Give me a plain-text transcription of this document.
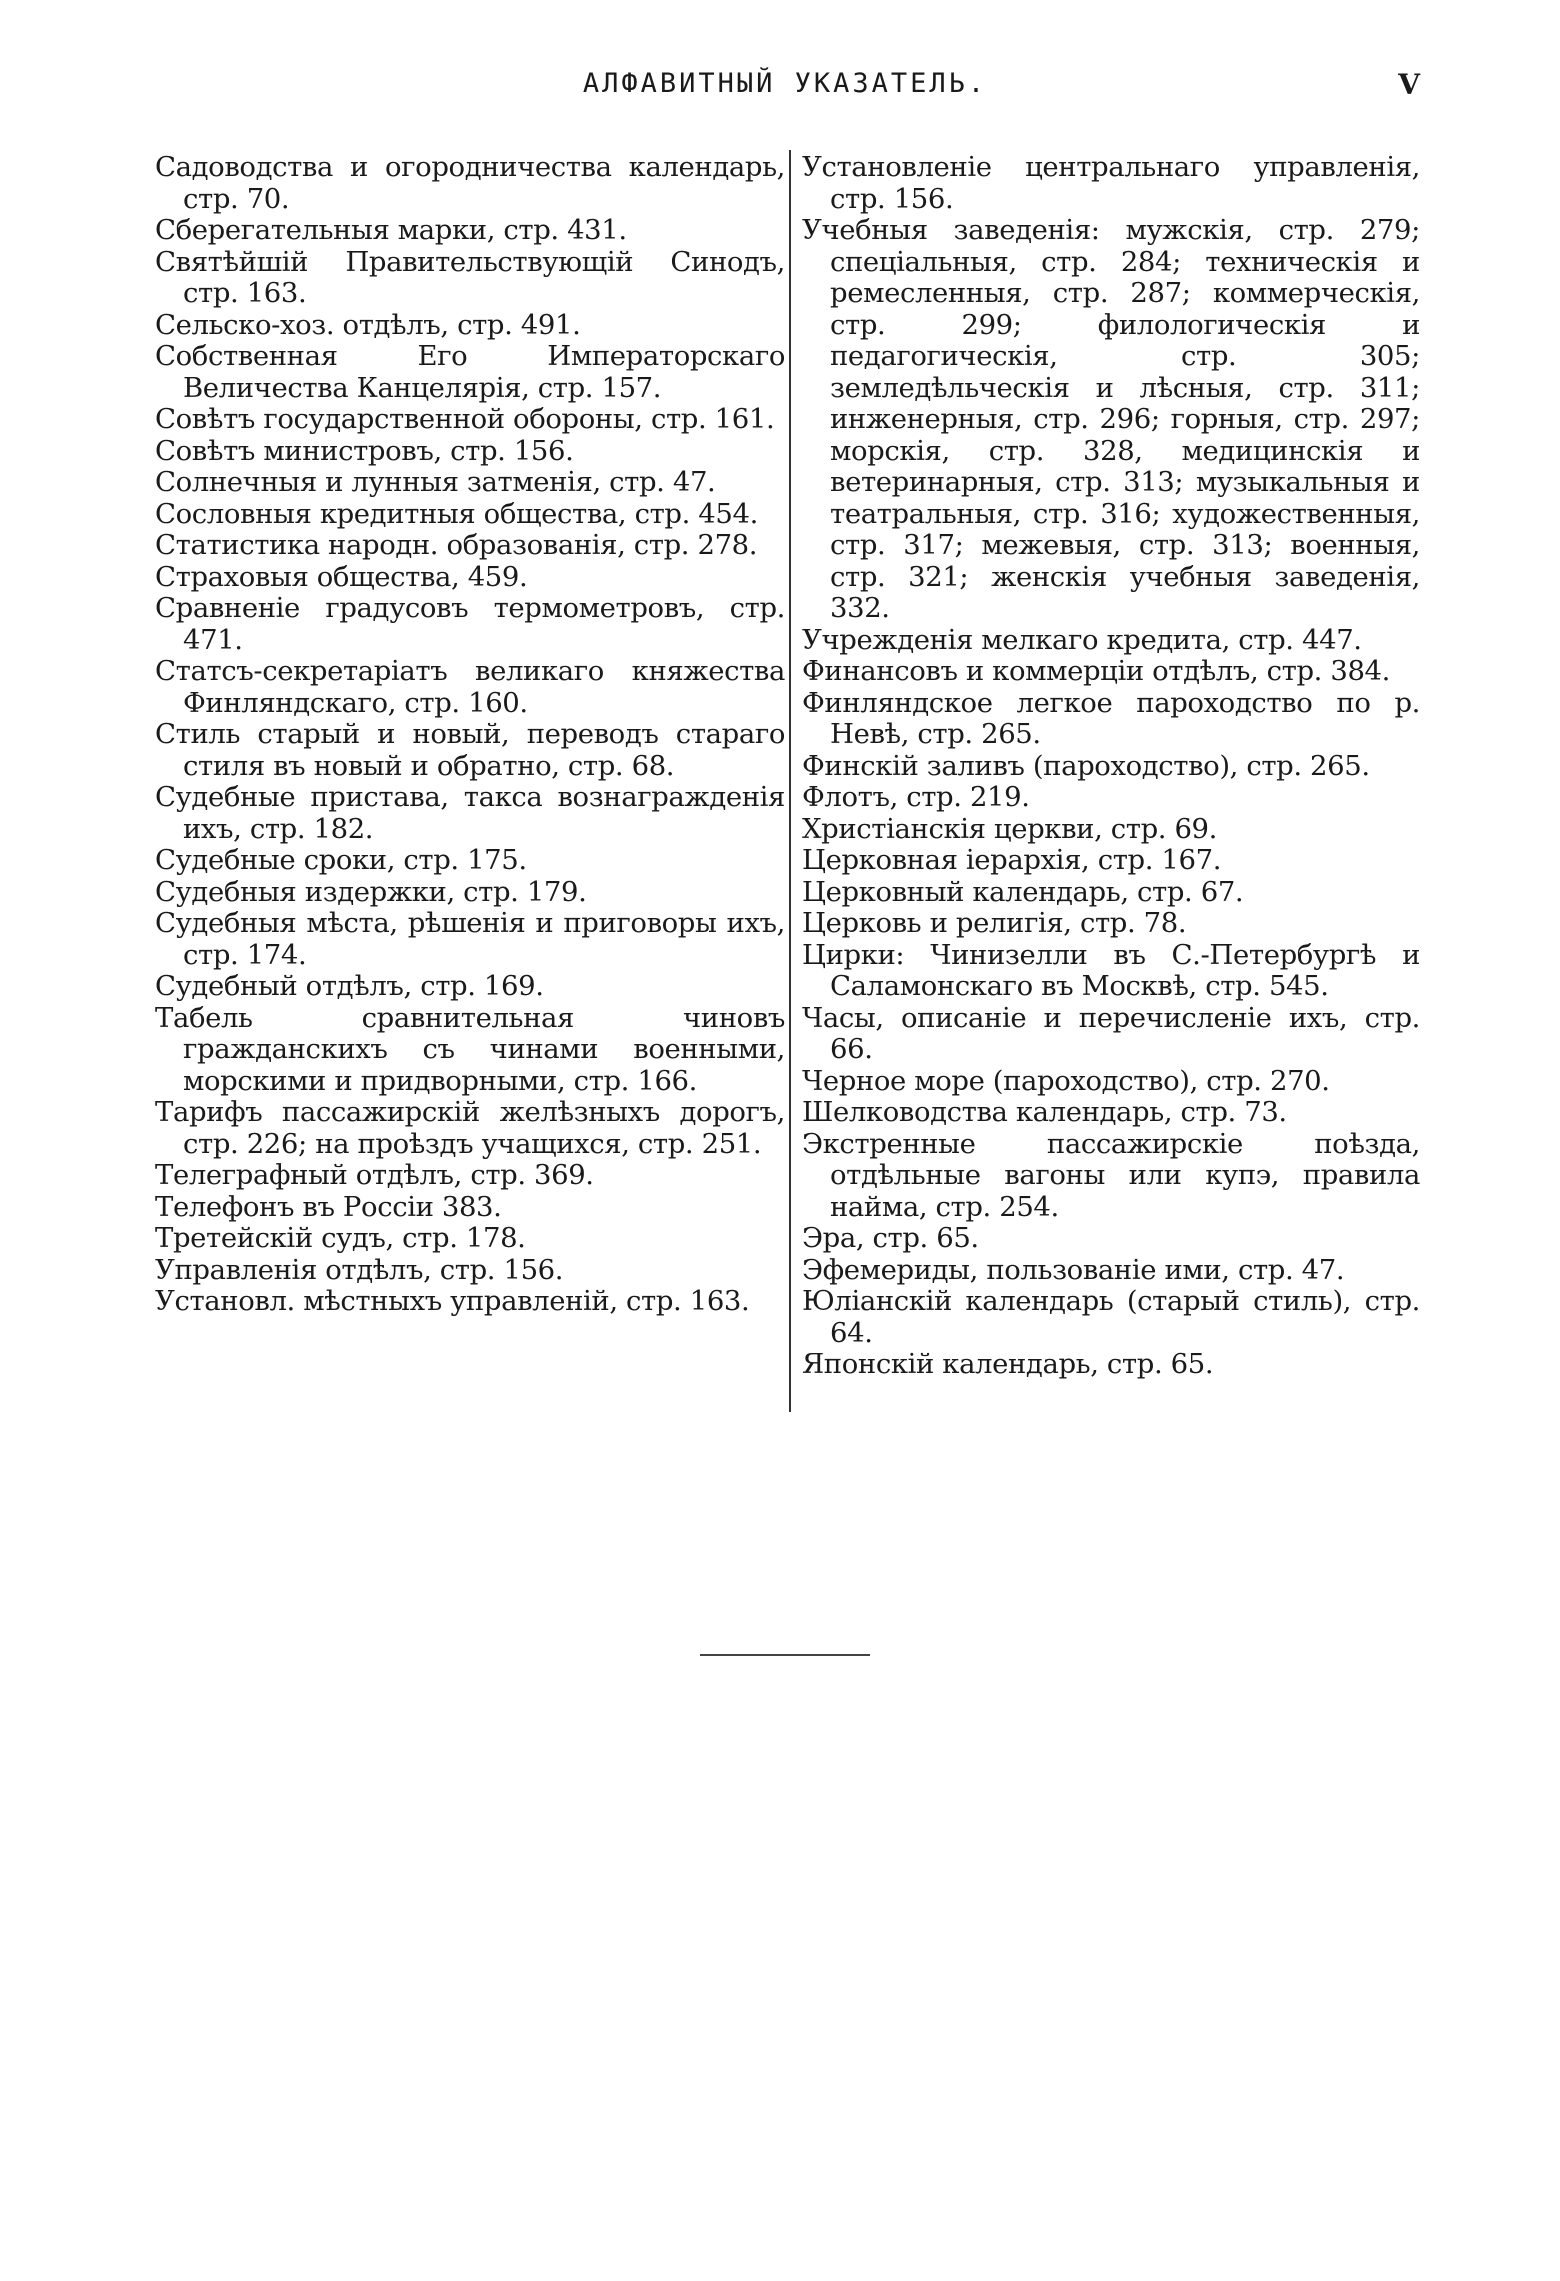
АЛФАВИТНЫЙ УКАЗАТЕЛЬ.	V

Садоводства и огородничества календарь, стр. 70.

Сберегательныя марки, стр. 431.

Святѣйшій Правительствующій Синодъ, стр. 163.

Сельско-хоз. отдѣлъ, стр. 491.

Собственная Его Императорскаго Величества Канцелярія, стр. 157.

Совѣтъ государственной обороны, стр. 161.

Совѣтъ министровъ, стр. 156.

Солнечныя и лунныя затменія, стр. 47.

Сословныя кредитныя общества, стр. 454.

Статистика народн. образованія, стр. 278.

Страховыя общества, 459.

Сравненіе градусовъ термометровъ, стр. 471.

Статсъ-секретаріатъ великаго княжества Финляндскаго, стр. 160.

Стиль старый и новый, переводъ стараго стиля въ новый и обратно, стр. 68.

Судебные пристава, такса вознагражденія ихъ, стр. 182.

Судебные сроки, стр. 175.

Судебныя издержки, стр. 179.

Судебныя мѣста, рѣшенія и приговоры ихъ, стр. 174.

Судебный отдѣлъ, стр. 169.

Табель сравнительная чиновъ гражданскихъ съ чинами военными, морскими и придворными, стр. 166.

Тарифъ пассажирскій желѣзныхъ дорогъ, стр. 226; на проѣздъ учащихся, стр. 251.

Телеграфный отдѣлъ, стр. 369.

Телефонъ въ Россіи 383.

Третейскій судъ, стр. 178.

Управленія отдѣлъ, стр. 156.

Установл. мѣстныхъ управленій, стр. 163.

Установленіе центральнаго управленія, стр. 156.

Учебныя заведенія: мужскія, стр. 279; спеціальныя, стр. 284; техническія и ремесленныя, стр. 287; коммерческія, стр. 299; филологическія и педагогическія, стр. 305; земледѣльческія и лѣсныя, стр. 311; инженерныя, стр. 296; горныя, стр. 297; морскія, стр. 328, медицинскія и ветеринарныя, стр. 313; музыкальныя и театральныя, стр. 316; художественныя, стр. 317; межевыя, стр. 313; военныя, стр. 321; женскія учебныя заведенія, 332.

Учрежденія мелкаго кредита, стр. 447.

Финансовъ и коммерціи отдѣлъ, стр. 384.

Финляндское легкое пароходство по р. Невѣ, стр. 265.

Финскій заливъ (пароходство), стр. 265.

Флотъ, стр. 219.

Христіанскія церкви, стр. 69.

Церковная іерархія, стр. 167.

Церковный календарь, стр. 67.

Церковь и религія, стр. 78.

Цирки: Чинизелли въ С.-Петербургѣ и Саламонскаго въ Москвѣ, стр. 545.

Часы, описаніе и перечисленіе ихъ, стр. 66.

Черное море (пароходство), стр. 270.

Шелководства календарь, стр. 73.

Экстренные пассажирскіе поѣзда, отдѣльные вагоны или купэ, правила найма, стр. 254.

Эра, стр. 65.

Эфемериды, пользованіе ими, стр. 47.

Юліанскій календарь (старый стиль), стр. 64.

Японскій календарь, стр. 65.
